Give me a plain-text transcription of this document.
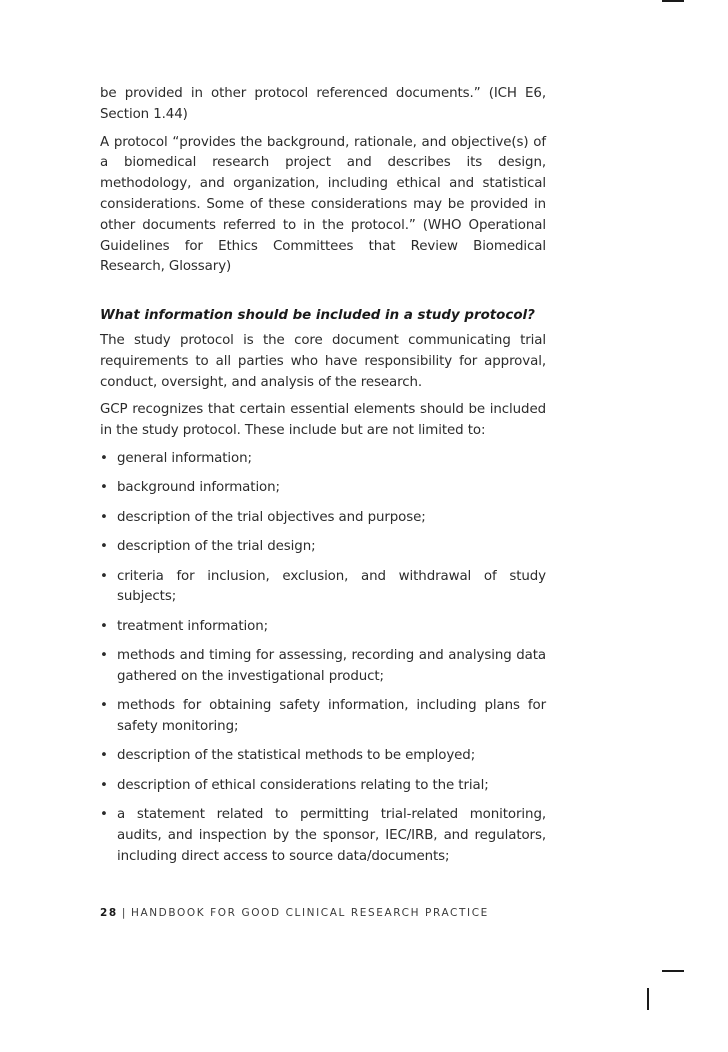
be provided in other protocol referenced documents.” (ICH E6, Section 1.44)

A protocol “provides the background, rationale, and objective(s) of a biomedical research project and describes its design, methodology, and organization, including ethical and statistical considerations. Some of these considerations may be provided in other documents referred to in the protocol.” (WHO Operational Guidelines for Ethics Committees that Review Biomedical Research, Glossary)

What information should be included in a study protocol?

The study protocol is the core document communicating trial requirements to all parties who have responsibility for approval, conduct, oversight, and analysis of the research.

GCP recognizes that certain essential elements should be included in the study protocol. These include but are not limited to:

• general information;
• background information;
• description of the trial objectives and purpose;
• description of the trial design;
• criteria for inclusion, exclusion, and withdrawal of study subjects;
• treatment information;
• methods and timing for assessing, recording and analysing data gathered on the investigational product;
• methods for obtaining safety information, including plans for safety monitoring;
• description of the statistical methods to be employed;
• description of ethical considerations relating to the trial;
• a statement related to permitting trial-related monitoring, audits, and inspection by the sponsor, IEC/IRB, and regulators, including direct access to source data/documents;
28 | HANDBOOK FOR GOOD CLINICAL RESEARCH PRACTICE
